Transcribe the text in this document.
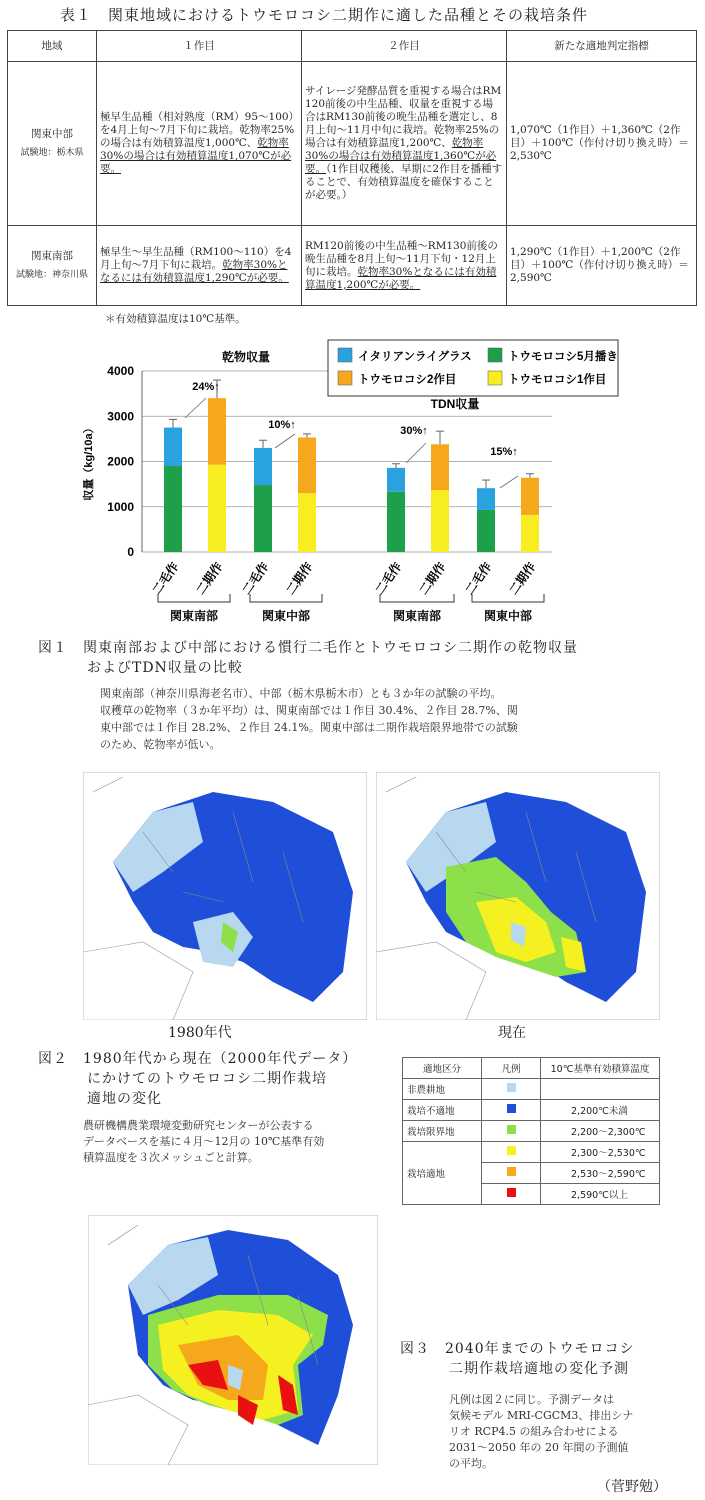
表１　関東地域におけるトウモロコシ二期作に適した品種とその栽培条件
地域	１作目	２作目	新たな適地判定指標
関東中部
試験地：栃木県	極早生品種（相対熟度（RM）95～100）を4月上旬～7月下旬に栽培。乾物率25%の場合は有効積算温度1,000℃、乾物率30%の場合は有効積算温度1,070℃が必要。	サイレージ発酵品質を重視する場合はRM 120前後の中生品種、収量を重視する場合はRM130前後の晩生品種を選定し、8月上旬～11月中旬に栽培。乾物率25%の場合は有効積算温度1,200℃、乾物率30%の場合は有効積算温度1,360℃が必要。（1作目収穫後、早期に2作目を播種することで、有効積算温度を確保することが必要。）	1,070℃（1作目）＋1,360℃（2作目）＋100℃（作付け切り換え時）＝2,530℃
関東南部
試験地：神奈川県	極早生～早生品種（RM100～110）を4月上旬～7月下旬に栽培。乾物率30%となるには有効積算温度1,290℃が必要。	RM120前後の中生品種～RM130前後の晩生品種を8月上旬～11月下旬・12月上旬に栽培。乾物率30%となるには有効積算温度1,200℃が必要。	1,290℃（1作目）＋1,200℃（2作目）＋100℃（作付け切り換え時）＝2,590℃
＊有効積算温度は10℃基準。
0
1000
2000
3000
4000
収量（kg/10a）
乾物収量
TDN収量
二毛作 二期作 二毛作 二期作	二毛作 二期作 二毛作 二期作
24%↑
10%↑	30%↑
15%↑
関東南部	関東中部	関東南部	関東中部
イタリアンライグラス	トウモロコシ5月播き
トウモロコシ2作目	トウモロコシ1作目
図１　関東南部および中部における慣行二毛作とトウモロコシ二期作の乾物収量
およびTDN収量の比較
関東南部（神奈川県海老名市）、中部（栃木県栃木市）とも３か年の試験の平均。
収穫草の乾物率（３か年平均）は、関東南部では１作目 30.4%、２作目 28.7%、関
東中部では１作目 28.2%、２作目 24.1%。関東中部は二期作栽培限界地帯での試験
のため、乾物率が低い。
1980年代	現在
図２　1980年代から現在（2000年代データ）
にかけてのトウモロコシ二期作栽培
適地の変化
農研機構農業環境変動研究センターが公表する
データベースを基に４月～12月の 10℃基準有効
積算温度を３次メッシュごと計算。
適地区分	凡例	10℃基準有効積算温度
非農耕地		
栽培不適地		2,200℃未満
栽培限界地		2,200～2,300℃
栽培適地		2,300～2,530℃
		2,530～2,590℃
		2,590℃以上
図３　2040年までのトウモロコシ
二期作栽培適地の変化予測
凡例は図２に同じ。予測データは
気候モデル MRI-CGCM3、排出シナ
リオ RCP4.5 の組み合わせによる
2031～2050 年の 20 年間の予測値
の平均。
（菅野勉）
